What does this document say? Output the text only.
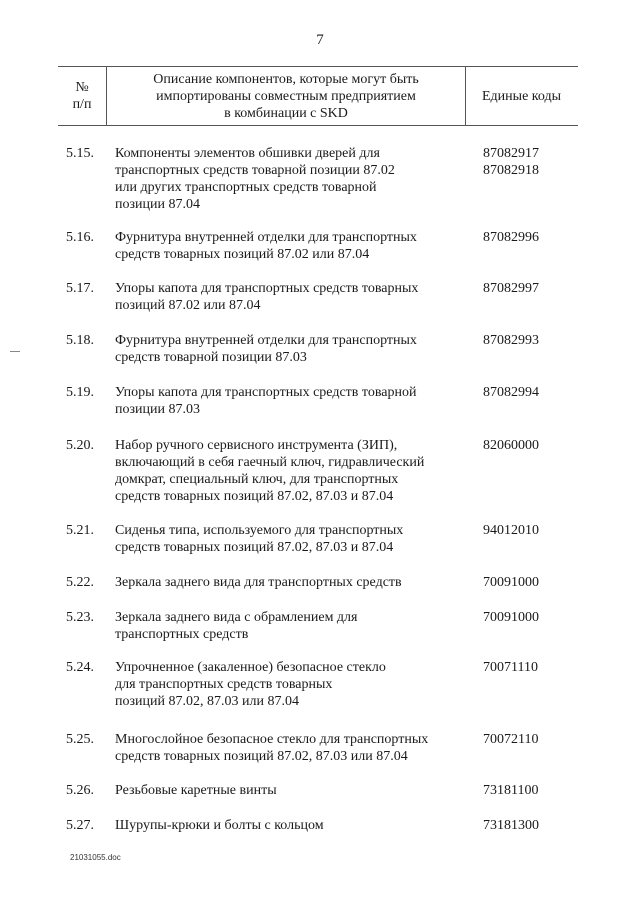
7
№
п/п
Описание компонентов, которые могут быть
импортированы совместным предприятием
в комбинации с SKD
Единые коды
5.15.	Компоненты элементов обшивки дверей для
транспортных средств товарной позиции 87.02
или других транспортных средств товарной
позиции 87.04
87082917
87082918
5.16.	Фурнитура внутренней отделки для транспортных
средств товарных позиций 87.02 или 87.04
87082996
5.17.	Упоры капота для транспортных средств товарных
позиций 87.02 или 87.04
87082997
5.18.	Фурнитура внутренней отделки для транспортных
средств товарной позиции 87.03
87082993
5.19.	Упоры капота для транспортных средств товарной
позиции 87.03
87082994
5.20.	Набор ручного сервисного инструмента (ЗИП),
включающий в себя гаечный ключ, гидравлический
домкрат, специальный ключ, для транспортных
средств товарных позиций 87.02, 87.03 и 87.04
82060000
5.21.	Сиденья типа, используемого для транспортных
средств товарных позиций 87.02, 87.03 и 87.04
94012010
5.22.	Зеркала заднего вида для транспортных средств	70091000
5.23.	Зеркала заднего вида с обрамлением для
транспортных средств
70091000
5.24.	Упрочненное (закаленное) безопасное стекло
для транспортных средств товарных
позиций 87.02, 87.03 или 87.04
70071110
5.25.	Многослойное безопасное стекло для транспортных
средств товарных позиций 87.02, 87.03 или 87.04
70072110
5.26.	Резьбовые каретные винты	73181100
5.27.	Шурупы-крюки и болты с кольцом	73181300
21031055.doc
